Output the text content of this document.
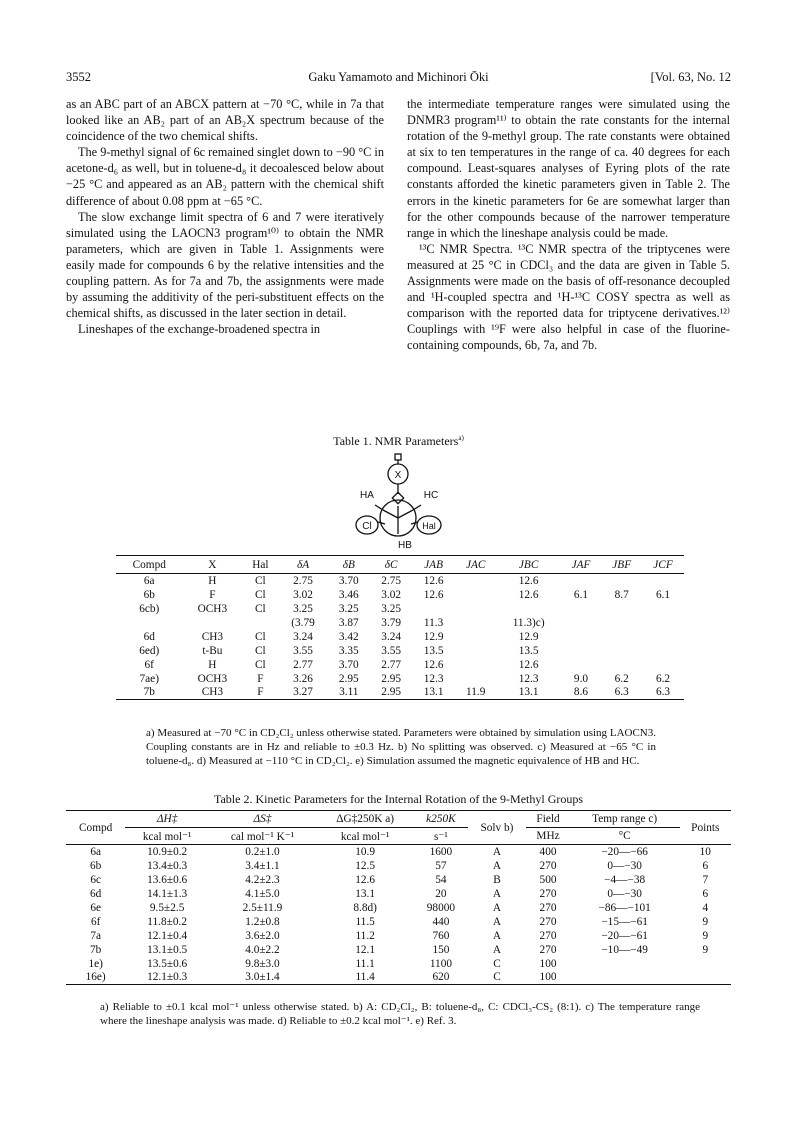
3552	Gaku Yamamoto and Michinori Ōki	[Vol. 63, No. 12

as an ABC part of an ABCX pattern at −70 °C, while in 7a that looked like an AB₂ part of an AB₂X spectrum because of the coincidence of the two chemical shifts.

The 9-methyl signal of 6c remained singlet down to −90 °C in acetone-d₆ as well, but in toluene-d₈ it decoalesced below about −25 °C and appeared as an AB₂ pattern with the chemical shift difference of about 0.08 ppm at −65 °C.

The slow exchange limit spectra of 6 and 7 were iteratively simulated using the LAOCN3 program¹⁰⁾ to obtain the NMR parameters, which are given in Table 1. Assignments were easily made for compounds 6 by the relative intensities and the coupling pattern. As for 7a and 7b, the assignments were made by assuming the additivity of the peri-substituent effects on the chemical shifts, as discussed in the later section in detail.

Lineshapes of the exchange-broadened spectra in

the intermediate temperature ranges were simulated using the DNMR3 program¹¹⁾ to obtain the rate constants for the internal rotation of the 9-methyl group. The rate constants were obtained at six to ten temperatures in the range of ca. 40 degrees for each compound. Least-squares analyses of Eyring plots of the rate constants afforded the kinetic parameters given in Table 2. The errors in the kinetic parameters for 6e are somewhat larger than for the other compounds because of the narrower temperature range in which the lineshape analysis could be made.

¹³C NMR Spectra. ¹³C NMR spectra of the triptycenes were measured at 25 °C in CDCl₃ and the data are given in Table 5. Assignments were made on the basis of off-resonance decoupled and ¹H-coupled spectra and ¹H-¹³C COSY spectra as well as comparison with the reported data for triptycene derivatives.¹²⁾ Couplings with ¹⁹F were also helpful in case of the fluorine-containing compounds, 6b, 7a, and 7b.

Table 1. NMR Parameters$^{a)}$
X
HA	HC
HB
Cl	Hal
Compd	X	Hal	δA	δB	δC	JAB	JAC	JBC	JAF	JBF	JCF
6a	H	Cl	2.75	3.70	2.75	12.6		12.6			
6b	F	Cl	3.02	3.46	3.02	12.6		12.6	6.1	8.7	6.1
6cb)	OCH3	Cl	3.25	3.25	3.25						
			(3.79	3.87	3.79	11.3		11.3)c)			
6d	CH3	Cl	3.24	3.42	3.24	12.9		12.9			
6ed)	t-Bu	Cl	3.55	3.35	3.55	13.5		13.5			
6f	H	Cl	2.77	3.70	2.77	12.6		12.6			
7ae)	OCH3	F	3.26	2.95	2.95	12.3		12.3	9.0	6.2	6.2
7b	CH3	F	3.27	3.11	2.95	13.1	11.9	13.1	8.6	6.3	6.3
a) Measured at −70 °C in CD₂Cl₂ unless otherwise stated. Parameters were obtained by simulation using LAOCN3. Coupling constants are in Hz and reliable to ±0.3 Hz. b) No splitting was observed. c) Measured at −65 °C in toluene-d₈. d) Measured at −110 °C in CD₂Cl₂. e) Simulation assumed the magnetic equivalence of HB and HC.
Table 2. Kinetic Parameters for the Internal Rotation of the 9-Methyl Groups
Compd	ΔH‡	ΔS‡	ΔG‡250K a)	k250K	Solv b)	Field	Temp range c)	Points
	kcal mol⁻¹	cal mol⁻¹ K⁻¹	kcal mol⁻¹	s⁻¹		MHz	°C	
6a	10.9±0.2	0.2±1.0	10.9	1600	A	400	−20—−66	10
6b	13.4±0.3	3.4±1.1	12.5	57	A	270	0—−30	6
6c	13.6±0.6	4.2±2.3	12.6	54	B	500	−4—−38	7
6d	14.1±1.3	4.1±5.0	13.1	20	A	270	0—−30	6
6e	9.5±2.5	2.5±11.9	8.8d)	98000	A	270	−86—−101	4
6f	11.8±0.2	1.2±0.8	11.5	440	A	270	−15—−61	9
7a	12.1±0.4	3.6±2.0	11.2	760	A	270	−20—−61	9
7b	13.1±0.5	4.0±2.2	12.1	150	A	270	−10—−49	9
1e)	13.5±0.6	9.8±3.0	11.1	1100	C	100		
16e)	12.1±0.3	3.0±1.4	11.4	620	C	100		
a) Reliable to ±0.1 kcal mol⁻¹ unless otherwise stated. b) A: CD₂Cl₂, B: toluene-d₈, C: CDCl₃-CS₂ (8:1). c) The temperature range where the lineshape analysis was made. d) Reliable to ±0.2 kcal mol⁻¹. e) Ref. 3.
